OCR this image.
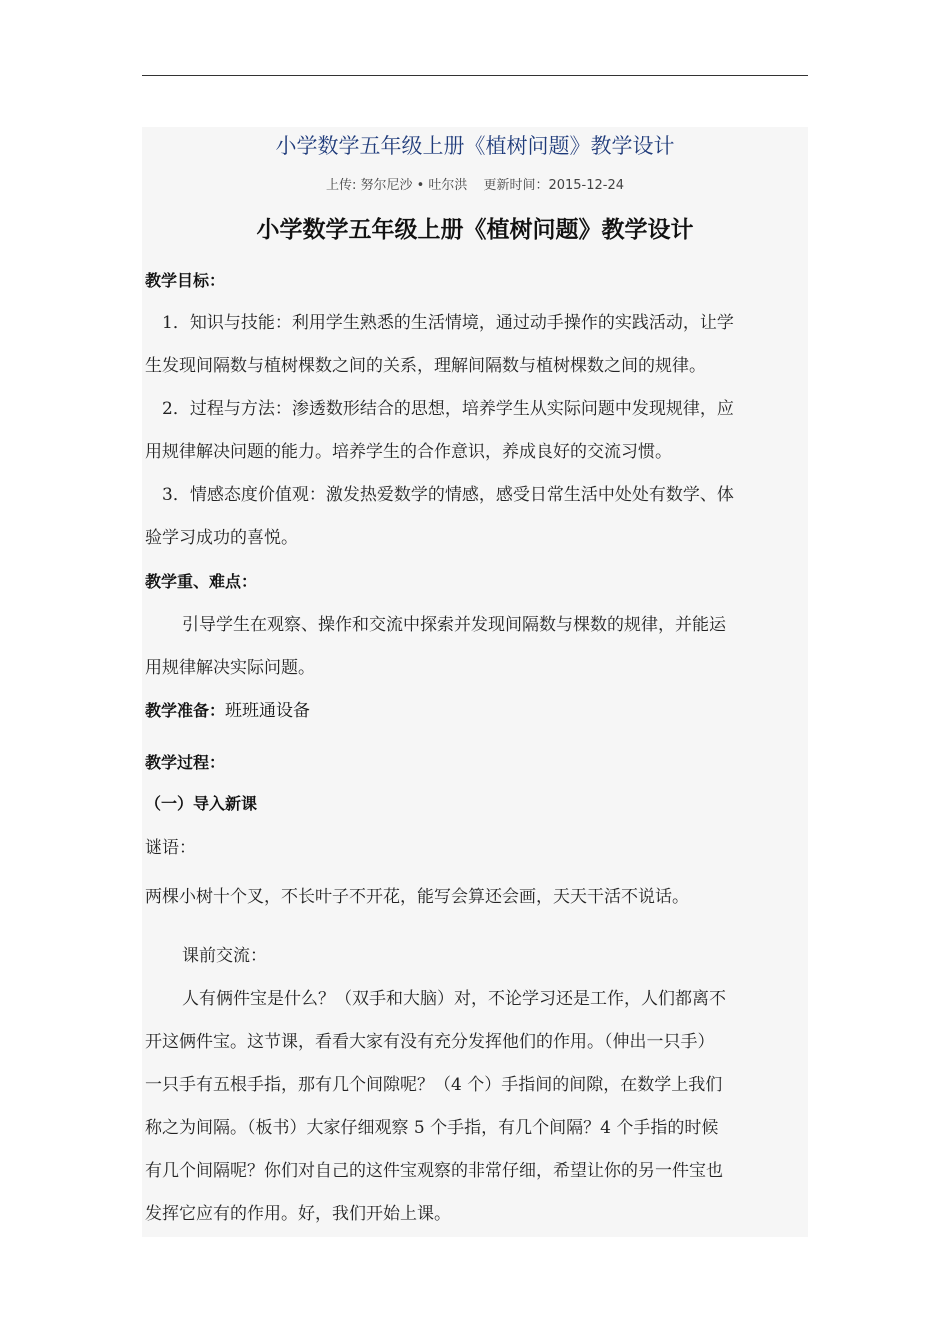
小学数学五年级上册《植树问题》教学设计
上传: 努尔尼沙 • 吐尔洪 更新时间：2015-12-24
小学数学五年级上册《植树问题》教学设计
教学目标：
1．知识与技能：利用学生熟悉的生活情境，通过动手操作的实践活动，让学
生发现间隔数与植树棵数之间的关系，理解间隔数与植树棵数之间的规律。
2．过程与方法：渗透数形结合的思想，培养学生从实际问题中发现规律，应
用规律解决问题的能力。培养学生的合作意识，养成良好的交流习惯。
3．情感态度价值观：激发热爱数学的情感，感受日常生活中处处有数学、体
验学习成功的喜悦。
教学重、难点：
引导学生在观察、操作和交流中探索并发现间隔数与棵数的规律，并能运
用规律解决实际问题。
教学准备：班班通设备
教学过程：
（一）导入新课
谜语：
两棵小树十个叉，不长叶子不开花，能写会算还会画，天天干活不说话。
课前交流：
人有俩件宝是什么？（双手和大脑）对，不论学习还是工作，人们都离不
开这俩件宝。这节课，看看大家有没有充分发挥他们的作用。（伸出一只手）
一只手有五根手指，那有几个间隙呢？（4 个）手指间的间隙，在数学上我们
称之为间隔。（板书）大家仔细观察 5 个手指，有几个间隔？4 个手指的时候
有几个间隔呢？你们对自己的这件宝观察的非常仔细，希望让你的另一件宝也
发挥它应有的作用。好，我们开始上课。
